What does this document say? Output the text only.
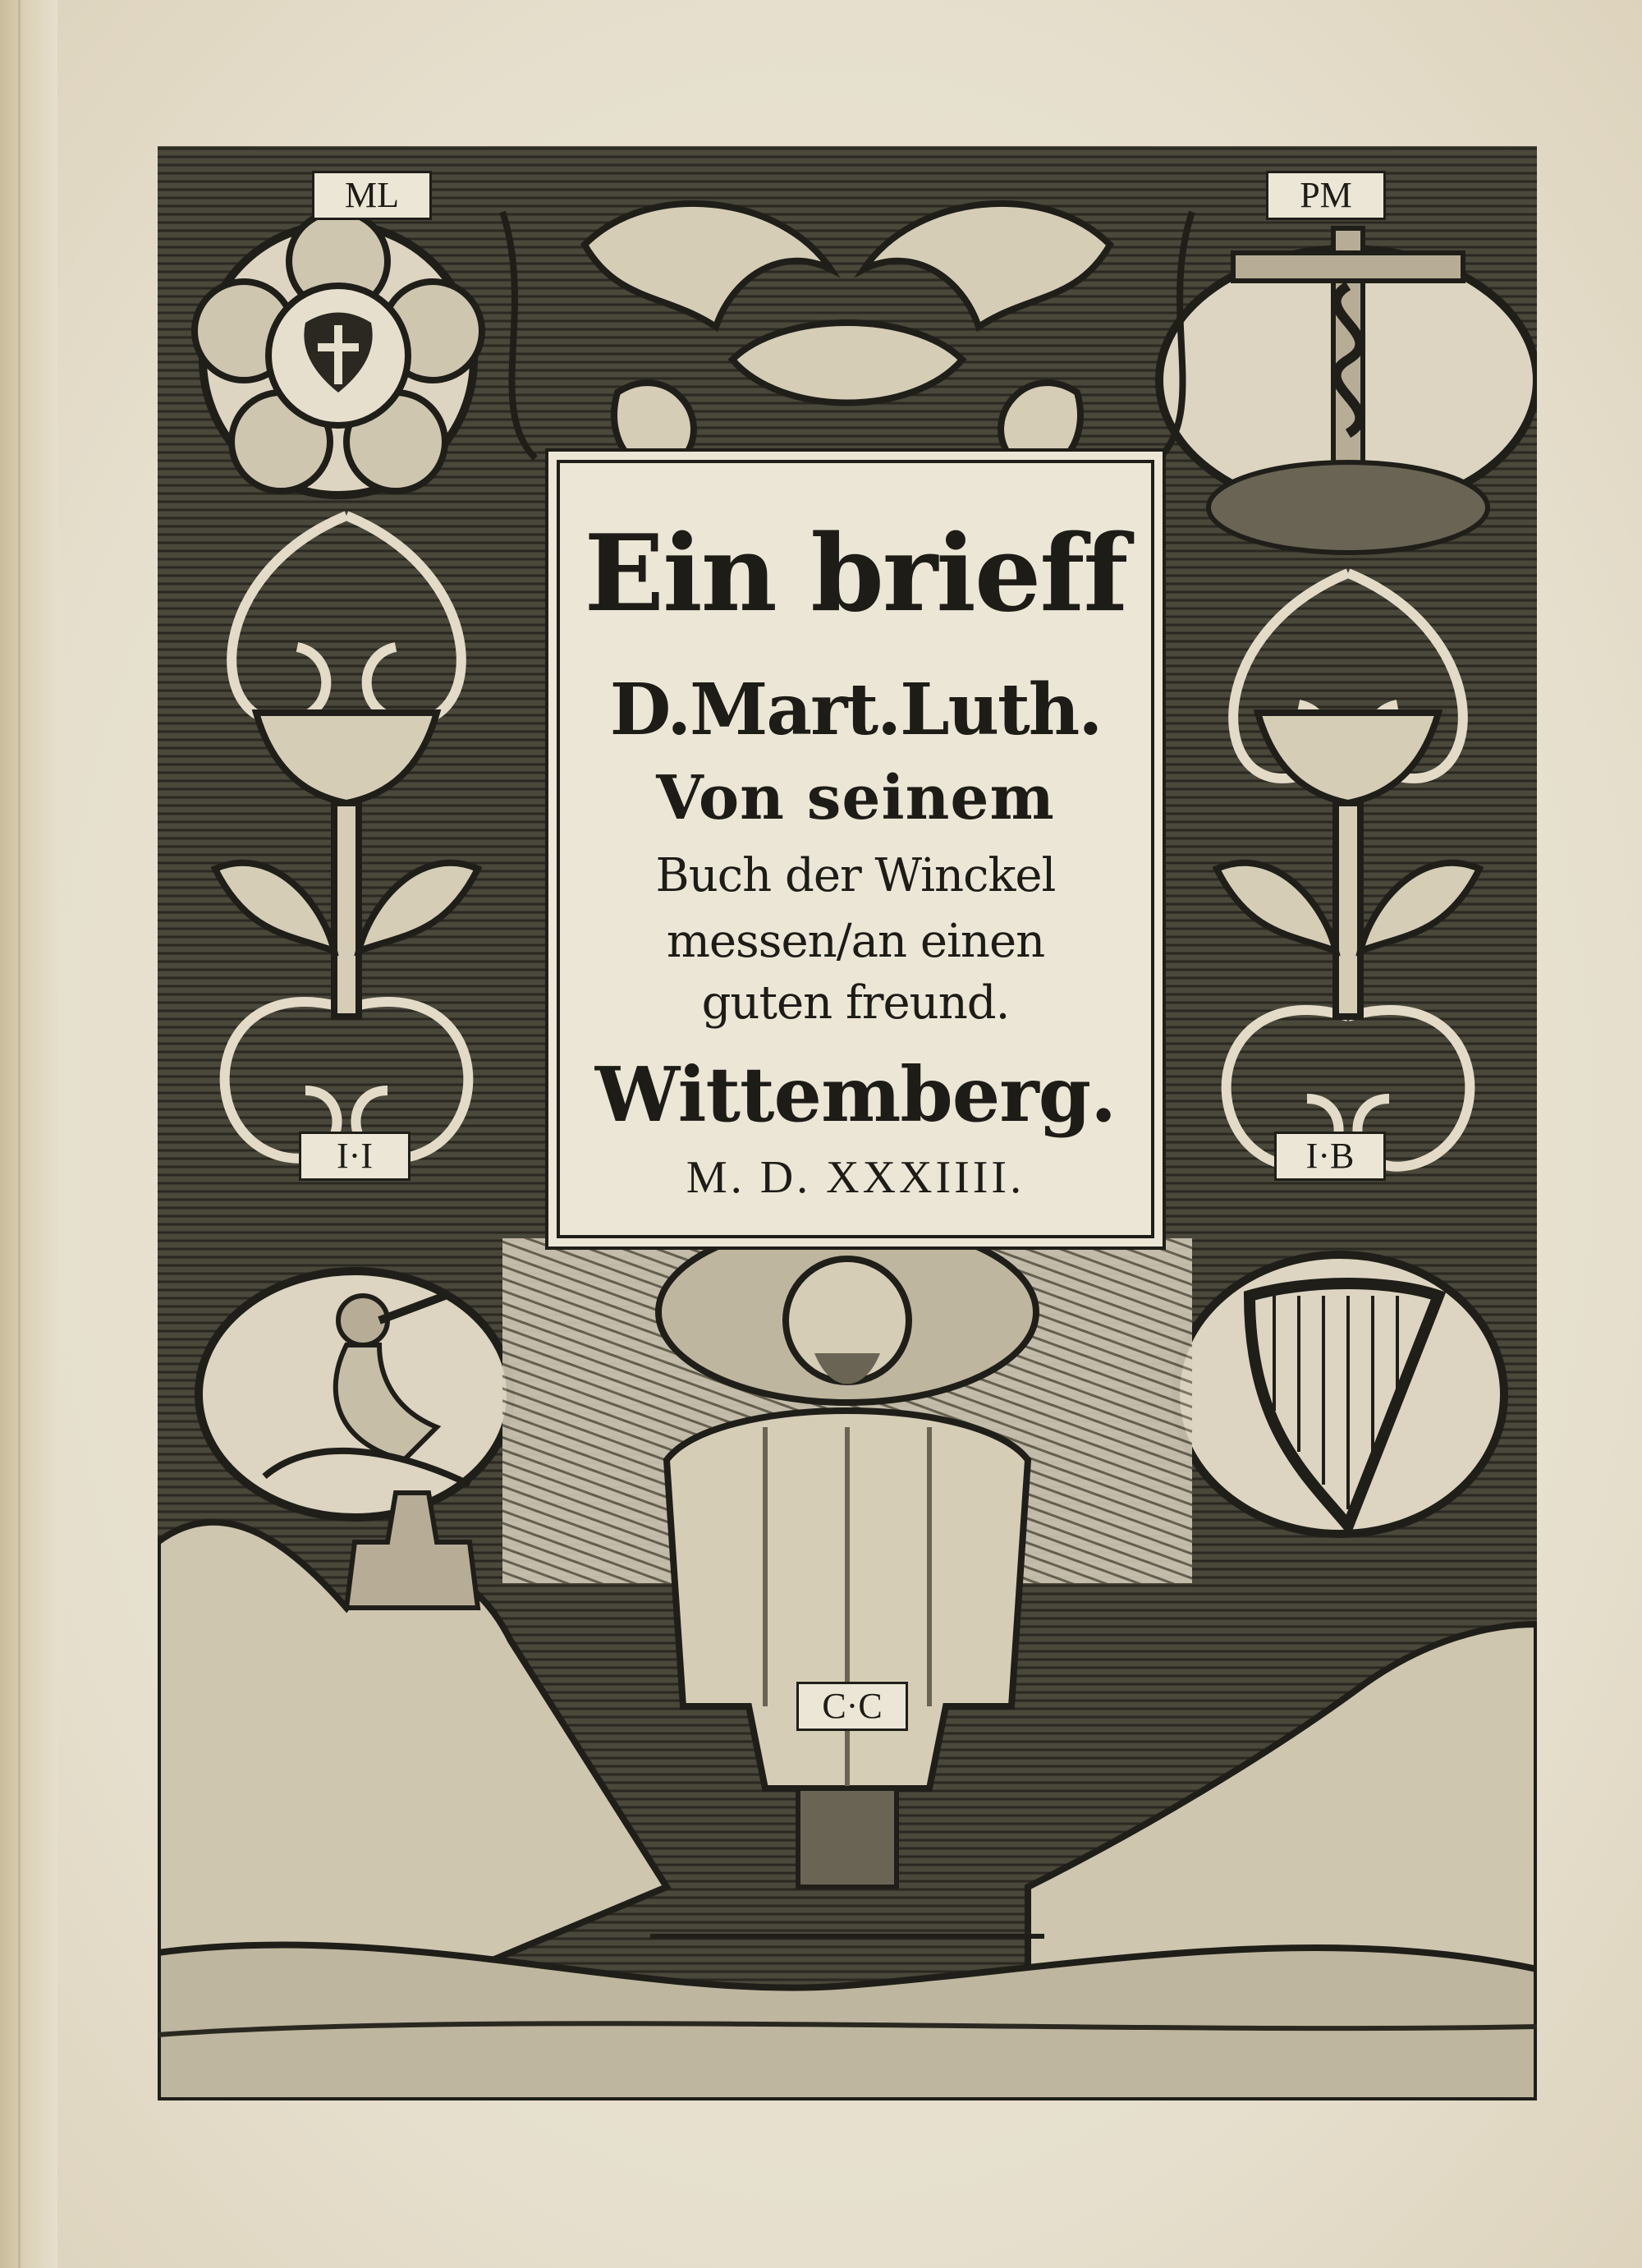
ML	PM
I·I	I·B
C·C
Ein brieff
D.Mart.Luth.
Von seinem
Buch der Winckel
messen/an einen
guten freund.
Wittemberg.
M. D. XXXIIII.
